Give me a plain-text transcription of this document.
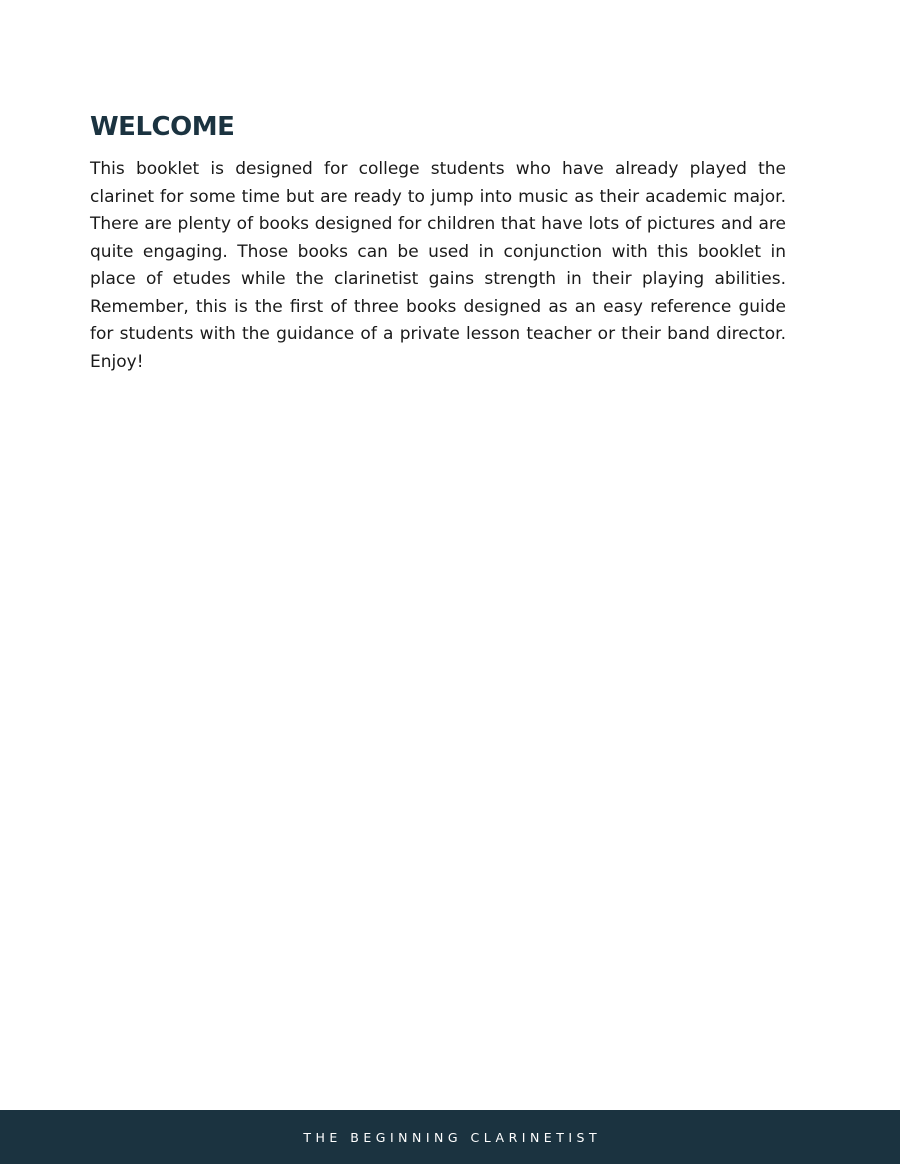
WELCOME

This booklet is designed for college students who have already played the clarinet for some time but are ready to jump into music as their academic major. There are plenty of books designed for children that have lots of pictures and are quite engaging. Those books can be used in conjunction with this booklet in place of etudes while the clarinetist gains strength in their playing abilities. Remember, this is the first of three books designed as an easy reference guide for students with the guidance of a private lesson teacher or their band director. Enjoy!

THE BEGINNING CLARINETIST
